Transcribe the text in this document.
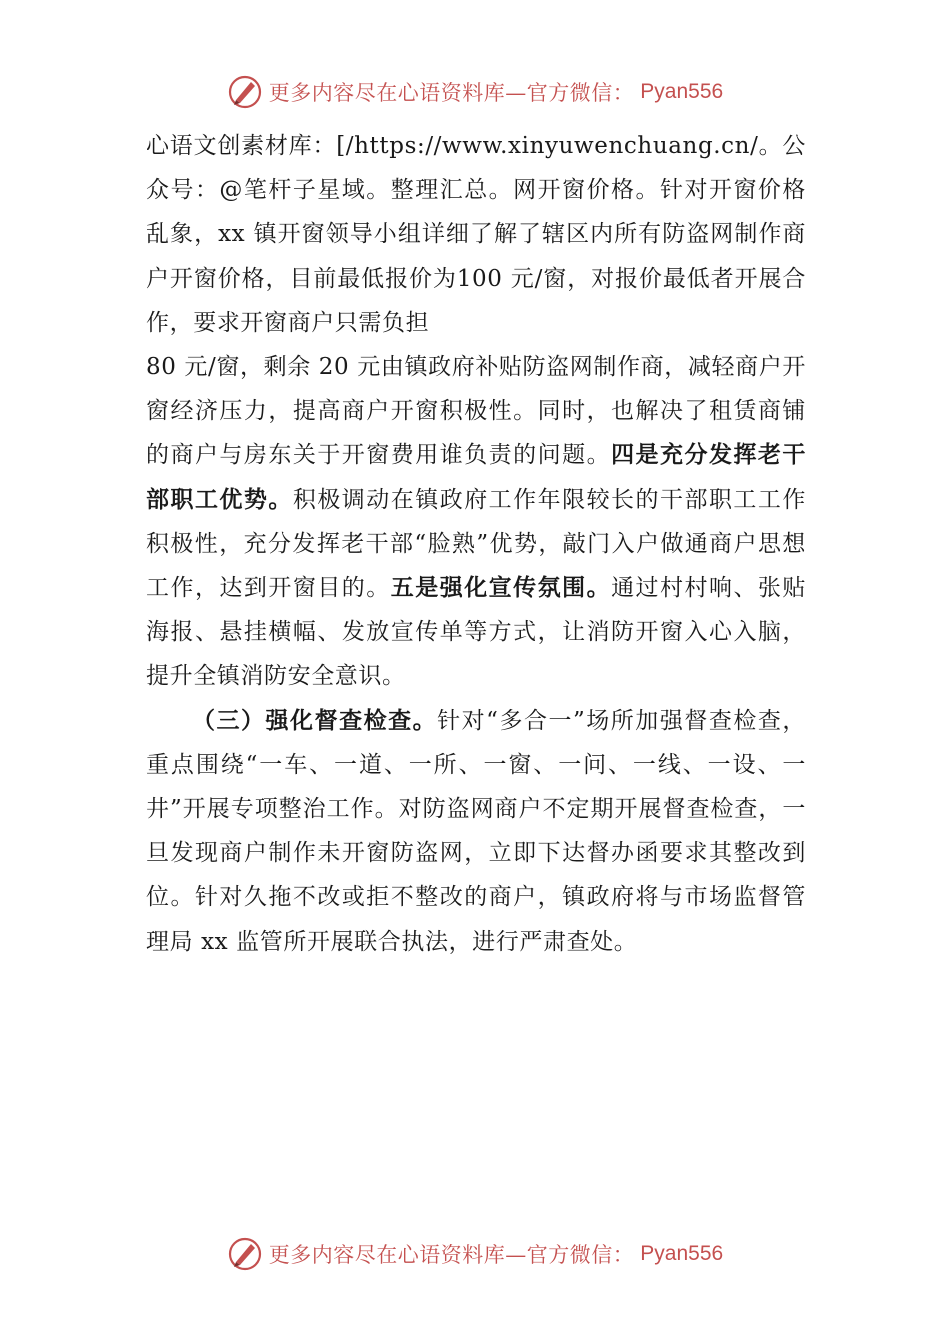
更多内容尽在心语资料库—官方微信： Pyan556

心语文创素材库：[/https://www.xinyuwenchuang.cn/。公众号：@笔杆子星域。整理汇总。网开窗价格。针对开窗价格乱象，xx 镇开窗领导小组详细了解了辖区内所有防盗网制作商户开窗价格，目前最低报价为100 元/窗，对报价最低者开展合作，要求开窗商户只需负担
80 元/窗，剩余 20 元由镇政府补贴防盗网制作商，减轻商户开窗经济压力，提高商户开窗积极性。同时，也解决了租赁商铺的商户与房东关于开窗费用谁负责的问题。四是充分发挥老干部职工优势。积极调动在镇政府工作年限较长的干部职工工作积极性，充分发挥老干部“脸熟”优势，敲门入户做通商户思想工作，达到开窗目的。五是强化宣传氛围。通过村村响、张贴海报、悬挂横幅、发放宣传单等方式，让消防开窗入心入脑，提升全镇消防安全意识。

（三）强化督查检查。针对“多合一”场所加强督查检查，重点围绕“一车、一道、一所、一窗、一问、一线、一设、一井”开展专项整治工作。对防盗网商户不定期开展督查检查，一旦发现商户制作未开窗防盗网，立即下达督办函要求其整改到位。针对久拖不改或拒不整改的商户，镇政府将与市场监督管理局 xx 监管所开展联合执法，进行严肃查处。

更多内容尽在心语资料库—官方微信： Pyan556
